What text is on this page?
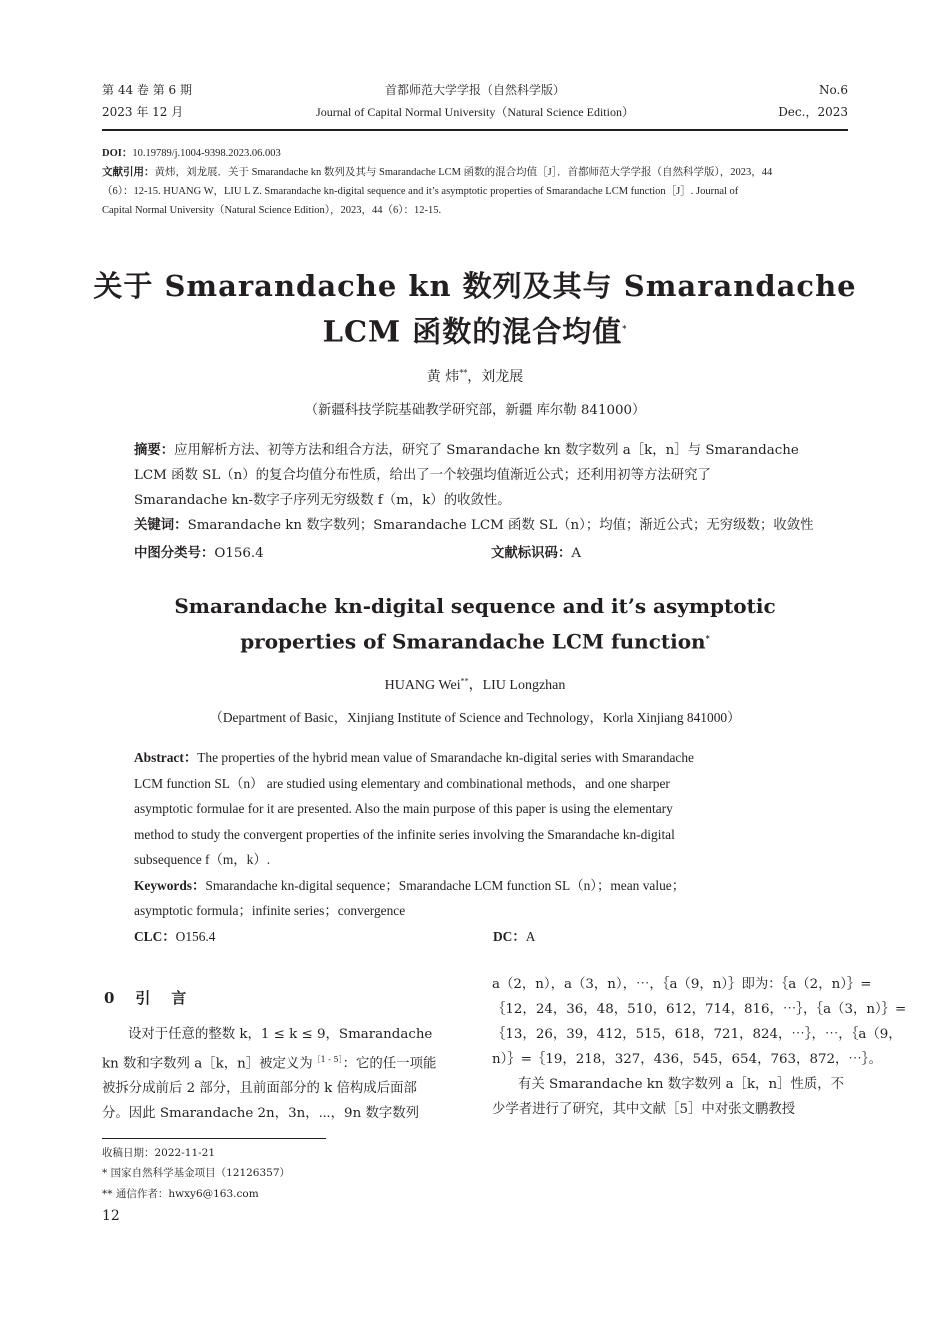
第 44 卷 第 6 期	首都师范大学学报（自然科学版）	No.6
2023 年 12 月	Journal of Capital Normal University（Natural Science Edition）	Dec.，2023
DOI：10.19789/j.1004-9398.2023.06.003
文献引用：黄炜，刘龙展．关于 Smarandache kn 数列及其与 Smarandache LCM 函数的混合均值［J］．首都师范大学学报（自然科学版），2023，44
（6）：12-15. HUANG W，LIU L Z. Smarandache kn-digital sequence and it’s asymptotic properties of Smarandache LCM function［J］. Journal of
Capital Normal University（Natural Science Edition），2023，44（6）：12-15.
关于 Smarandache kn 数列及其与 Smarandache
LCM 函数的混合均值*
黄 炜**，刘龙展
（新疆科技学院基础教学研究部，新疆 库尔勒 841000）
摘要：应用解析方法、初等方法和组合方法，研究了 Smarandache kn 数字数列 a［k，n］与 Smarandache
LCM 函数 SL（n）的复合均值分布性质，给出了一个较强均值渐近公式；还利用初等方法研究了
Smarandache kn-数字子序列无穷级数 f（m，k）的收敛性。
关键词：Smarandache kn 数字数列；Smarandache LCM 函数 SL（n）；均值；渐近公式；无穷级数；收敛性
中图分类号：O156.4	文献标识码：A
Smarandache kn-digital sequence and it’s asymptotic
properties of Smarandache LCM function*
HUANG Wei**，LIU Longzhan
（Department of Basic，Xinjiang Institute of Science and Technology，Korla Xinjiang 841000）
Abstract：The properties of the hybrid mean value of Smarandache kn-digital series with Smarandache
LCM function SL（n） are studied using elementary and combinational methods，and one sharper
asymptotic formulae for it are presented. Also the main purpose of this paper is using the elementary
method to study the convergent properties of the infinite series involving the Smarandache kn-digital
subsequence f（m，k）.
Keywords：Smarandache kn-digital sequence；Smarandache LCM function SL（n）；mean value；
asymptotic formula；infinite series；convergence
CLC：O156.4	DC：A
0    引    言
设对于任意的整数 k，1 ≤ k ≤ 9，Smarandache
kn 数和字数列 a［k，n］被定义为$^{[1 - 5]}$：它的任一项能
被拆分成前后 2 部分，且前面部分的 k 倍构成后面部
分。因此 Smarandache 2n，3n，⋯，9n 数字数列
a（2，n），a（3，n），⋯，｛a（9，n）｝即为：｛a（2，n）｝=
｛12，24，36，48，510，612，714，816，⋯｝，｛a（3，n）｝=
｛13，26，39，412，515，618，721，824，⋯｝，⋯，｛a（9，
n）｝=｛19，218，327，436，545，654，763，872，⋯｝。
有关 Smarandache kn 数字数列 a［k，n］性质，不
少学者进行了研究，其中文献［5］中对张文鹏教授
收稿日期：2022-11-21
* 国家自然科学基金项目（12126357）
** 通信作者：hwxy6@163.com
12
